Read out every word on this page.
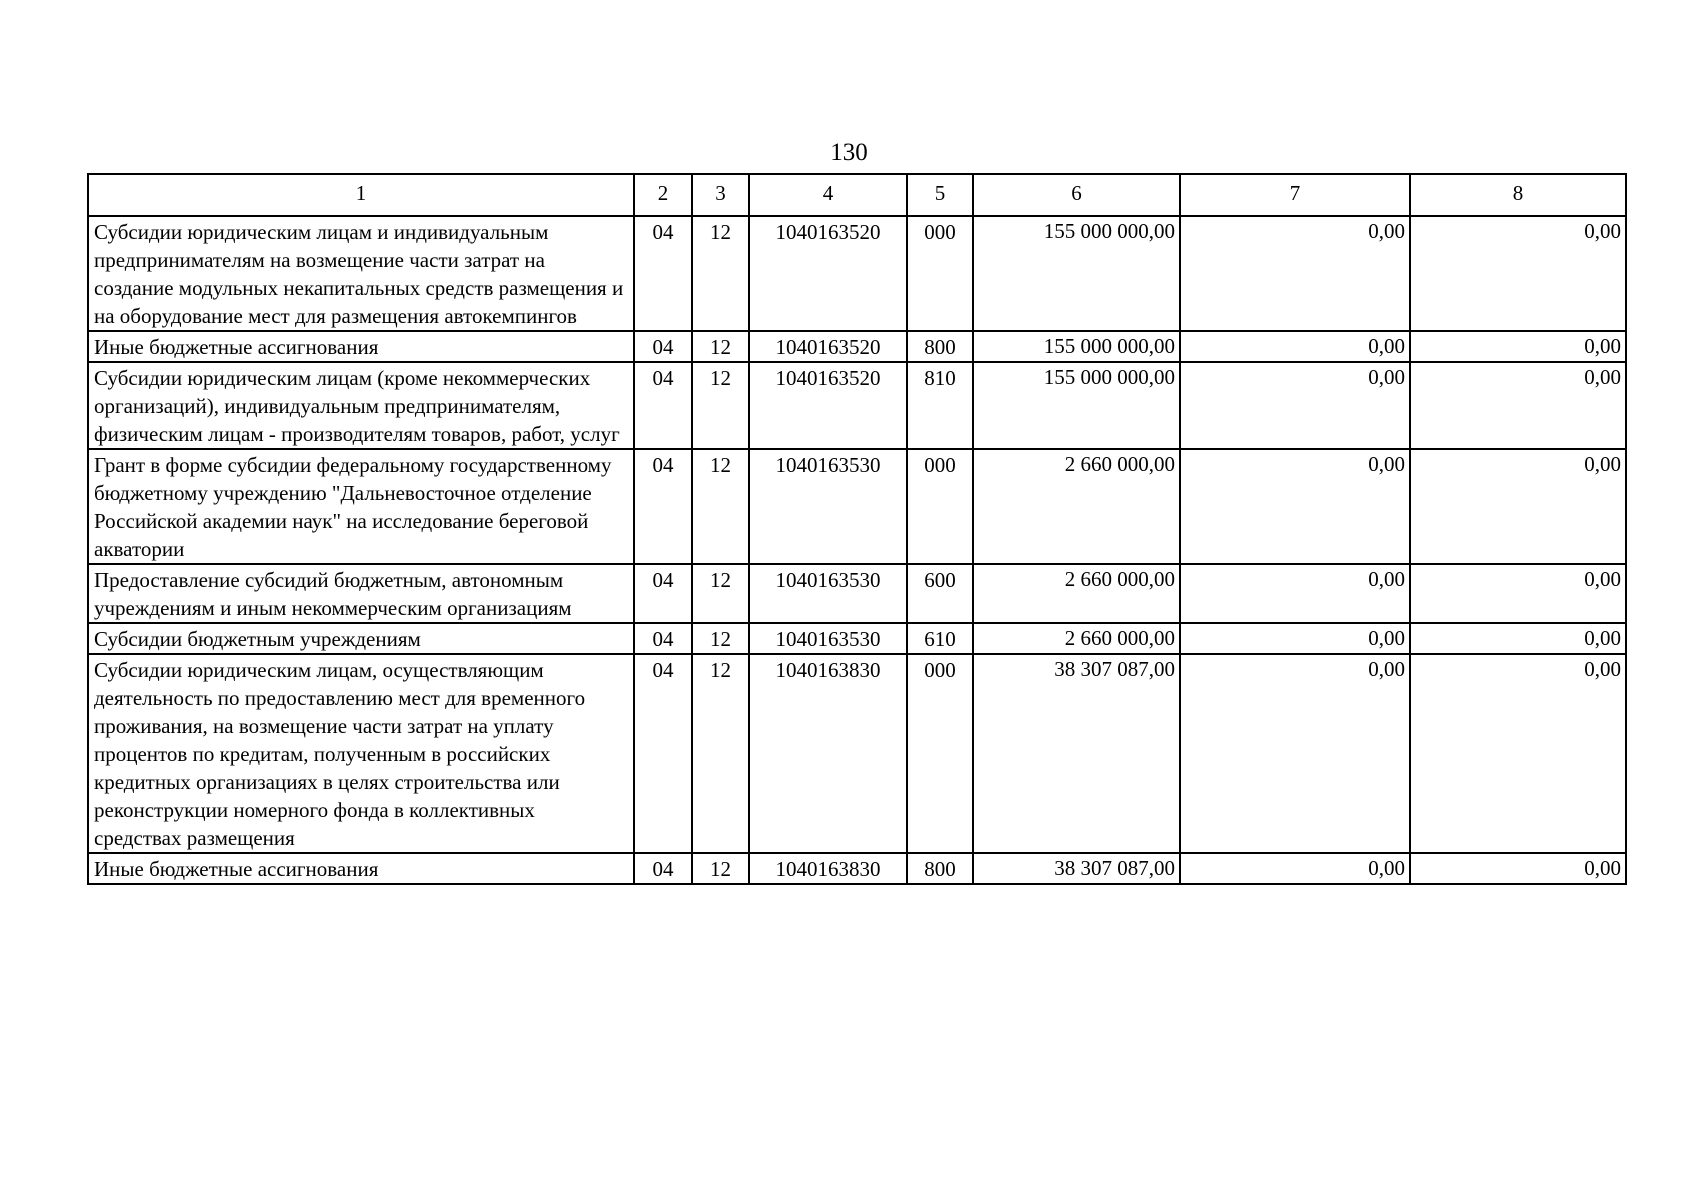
130
1	2	3	4	5	6	7	8
Субсидии юридическим лицам и индивидуальным предпринимателям на возмещение части затрат на создание модульных некапитальных средств размещения и на оборудование мест для размещения автокемпингов	04	12	1040163520	000	155 000 000,00	0,00	0,00
Иные бюджетные ассигнования	04	12	1040163520	800	155 000 000,00	0,00	0,00
Субсидии юридическим лицам (кроме некоммерческих организаций), индивидуальным предпринимателям, физическим лицам - производителям товаров, работ, услуг	04	12	1040163520	810	155 000 000,00	0,00	0,00
Грант в форме субсидии федеральному государственному бюджетному учреждению "Дальневосточное отделение Российской академии наук" на исследование береговой акватории	04	12	1040163530	000	2 660 000,00	0,00	0,00
Предоставление субсидий бюджетным, автономным учреждениям и иным некоммерческим организациям	04	12	1040163530	600	2 660 000,00	0,00	0,00
Субсидии бюджетным учреждениям	04	12	1040163530	610	2 660 000,00	0,00	0,00
Субсидии юридическим лицам, осуществляющим деятельность по предоставлению мест для временного проживания, на возмещение части затрат на уплату процентов по кредитам, полученным в российских кредитных организациях в целях строительства или реконструкции номерного фонда в коллективных средствах размещения	04	12	1040163830	000	38 307 087,00	0,00	0,00
Иные бюджетные ассигнования	04	12	1040163830	800	38 307 087,00	0,00	0,00
